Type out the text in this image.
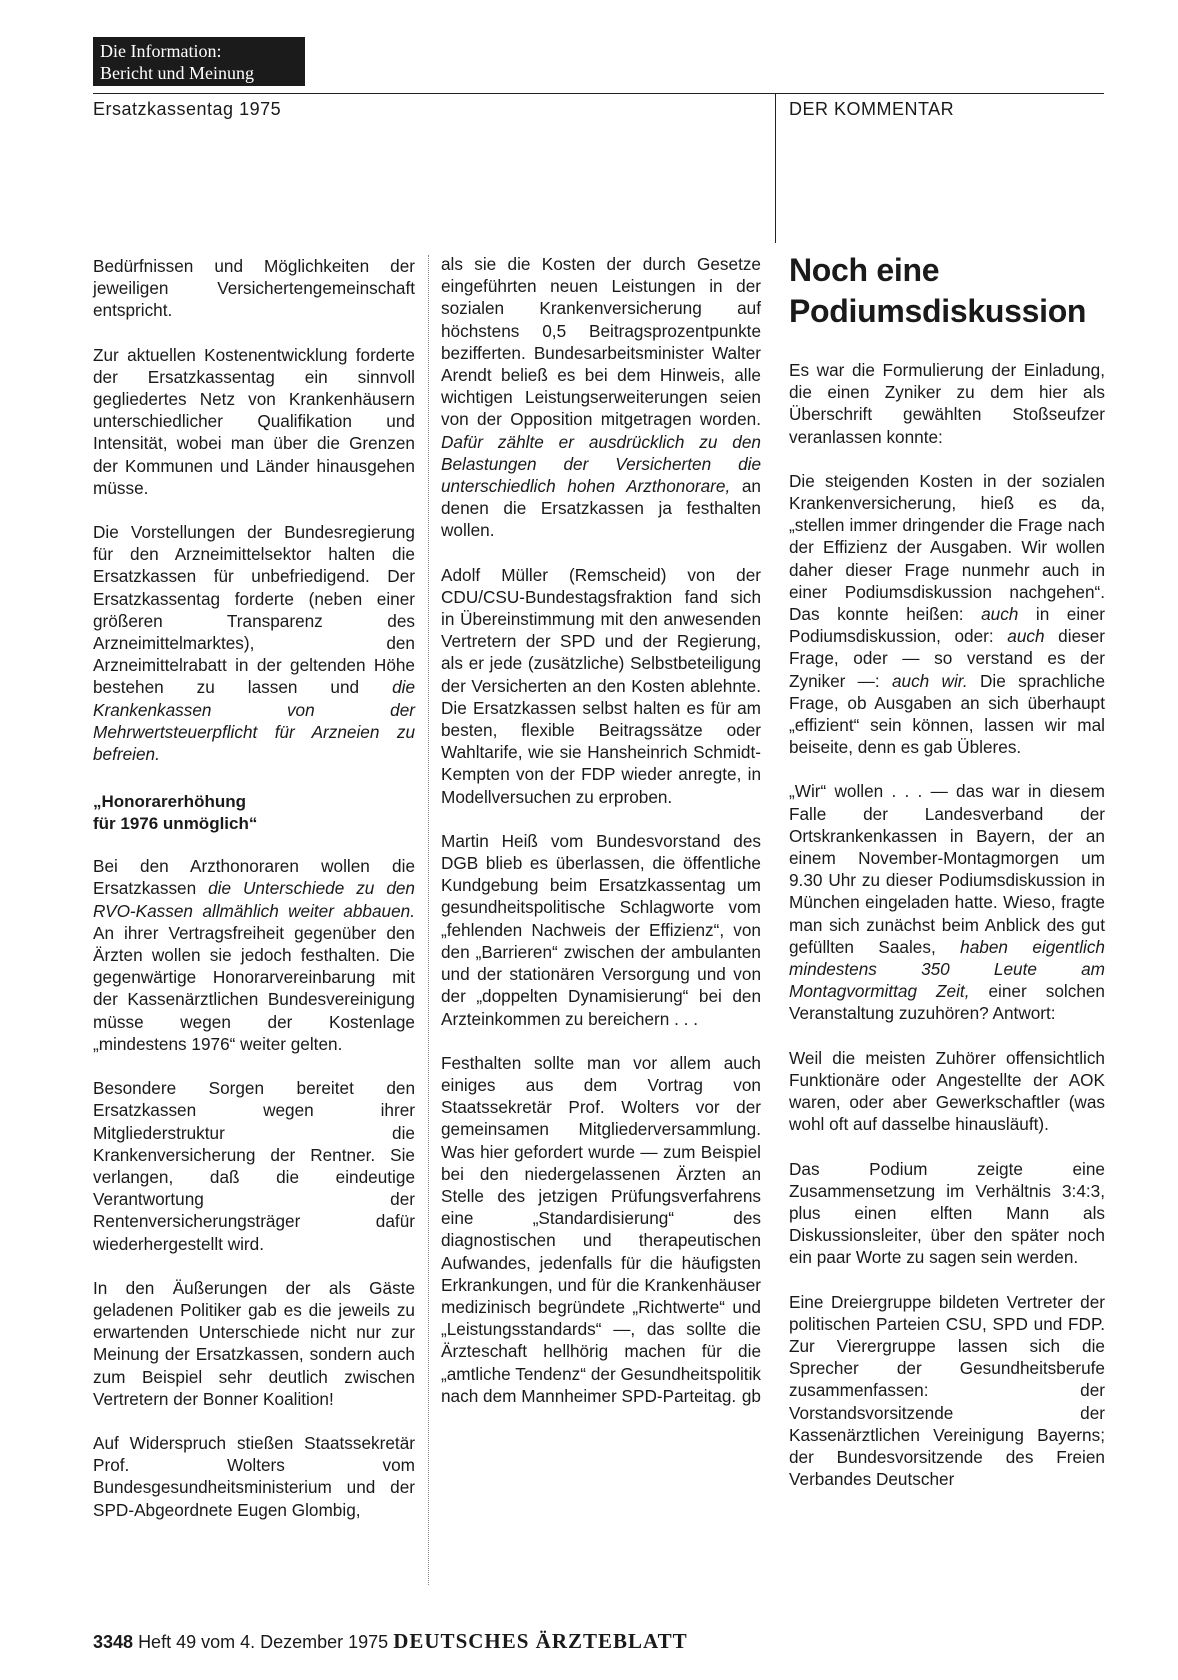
Die Information:
Bericht und Meinung
Ersatzkassentag 1975	DER KOMMENTAR

Bedürfnissen und Möglichkeiten der jeweiligen Versichertengemeinschaft entspricht.

Zur aktuellen Kostenentwicklung forderte der Ersatzkassentag ein sinnvoll gegliedertes Netz von Krankenhäusern unterschiedlicher Qualifikation und Intensität, wobei man über die Grenzen der Kommunen und Länder hinausgehen müsse.

Die Vorstellungen der Bundesregierung für den Arzneimittelsektor halten die Ersatzkassen für unbefriedigend. Der Ersatzkassentag forderte (neben einer größeren Transparenz des Arzneimittelmarktes), den Arzneimittelrabatt in der geltenden Höhe bestehen zu lassen und die Krankenkassen von der Mehrwertsteuerpflicht für Arzneien zu befreien.

„Honorarerhöhung
für 1976 unmöglich“

Bei den Arzthonoraren wollen die Ersatzkassen die Unterschiede zu den RVO-Kassen allmählich weiter abbauen. An ihrer Vertragsfreiheit gegenüber den Ärzten wollen sie jedoch festhalten. Die gegenwärtige Honorarvereinbarung mit der Kassenärztlichen Bundesvereinigung müsse wegen der Kostenlage „mindestens 1976“ weiter gelten.

Besondere Sorgen bereitet den Ersatzkassen wegen ihrer Mitgliederstruktur die Krankenversicherung der Rentner. Sie verlangen, daß die eindeutige Verantwortung der Rentenversicherungsträger dafür wiederhergestellt wird.

In den Äußerungen der als Gäste geladenen Politiker gab es die jeweils zu erwartenden Unterschiede nicht nur zur Meinung der Ersatzkassen, sondern auch zum Beispiel sehr deutlich zwischen Vertretern der Bonner Koalition!

Auf Widerspruch stießen Staatssekretär Prof. Wolters vom Bundesgesundheitsministerium und der SPD-Abgeordnete Eugen Glombig,

als sie die Kosten der durch Gesetze eingeführten neuen Leistungen in der sozialen Krankenversicherung auf höchstens 0,5 Beitragsprozentpunkte bezifferten. Bundesarbeitsminister Walter Arendt beließ es bei dem Hinweis, alle wichtigen Leistungserweiterungen seien von der Opposition mitgetragen worden. Dafür zählte er ausdrücklich zu den Belastungen der Versicherten die unterschiedlich hohen Arzthonorare, an denen die Ersatzkassen ja festhalten wollen.

Adolf Müller (Remscheid) von der CDU/CSU-Bundestagsfraktion fand sich in Übereinstimmung mit den anwesenden Vertretern der SPD und der Regierung, als er jede (zusätzliche) Selbstbeteiligung der Versicherten an den Kosten ablehnte. Die Ersatzkassen selbst halten es für am besten, flexible Beitragssätze oder Wahltarife, wie sie Hansheinrich Schmidt-Kempten von der FDP wieder anregte, in Modellversuchen zu erproben.

Martin Heiß vom Bundesvorstand des DGB blieb es überlassen, die öffentliche Kundgebung beim Ersatzkassentag um gesundheitspolitische Schlagworte vom „fehlenden Nachweis der Effizienz“, von den „Barrieren“ zwischen der ambulanten und der stationären Versorgung und von der „doppelten Dynamisierung“ bei den Arzteinkommen zu bereichern . . .

Festhalten sollte man vor allem auch einiges aus dem Vortrag von Staatssekretär Prof. Wolters vor der gemeinsamen Mitgliederversammlung. Was hier gefordert wurde — zum Beispiel bei den niedergelassenen Ärzten an Stelle des jetzigen Prüfungsverfahrens eine „Standardisierung“ des diagnostischen und therapeutischen Aufwandes, jedenfalls für die häufigsten Erkrankungen, und für die Krankenhäuser medizinisch begründete „Richtwerte“ und „Leistungsstandards“ —, das sollte die Ärzteschaft hellhörig machen für die „amtliche Tendenz“ der Gesundheitspolitik nach dem Mannheimer SPD-Parteitag. gb

Noch eine
Podiumsdiskussion

Es war die Formulierung der Einladung, die einen Zyniker zu dem hier als Überschrift gewählten Stoßseufzer veranlassen konnte:

Die steigenden Kosten in der sozialen Krankenversicherung, hieß es da, „stellen immer dringender die Frage nach der Effizienz der Ausgaben. Wir wollen daher dieser Frage nunmehr auch in einer Podiumsdiskussion nachgehen“. Das konnte heißen: auch in einer Podiumsdiskussion, oder: auch dieser Frage, oder — so verstand es der Zyniker —: auch wir. Die sprachliche Frage, ob Ausgaben an sich überhaupt „effizient“ sein können, lassen wir mal beiseite, denn es gab Übleres.

„Wir“ wollen . . . — das war in diesem Falle der Landesverband der Ortskrankenkassen in Bayern, der an einem November-Montagmorgen um 9.30 Uhr zu dieser Podiumsdiskussion in München eingeladen hatte. Wieso, fragte man sich zunächst beim Anblick des gut gefüllten Saales, haben eigentlich mindestens 350 Leute am Montagvormittag Zeit, einer solchen Veranstaltung zuzuhören? Antwort:

Weil die meisten Zuhörer offensichtlich Funktionäre oder Angestellte der AOK waren, oder aber Gewerkschaftler (was wohl oft auf dasselbe hinausläuft).

Das Podium zeigte eine Zusammensetzung im Verhältnis 3:4:3, plus einen elften Mann als Diskussionsleiter, über den später noch ein paar Worte zu sagen sein werden.

Eine Dreiergruppe bildeten Vertreter der politischen Parteien CSU, SPD und FDP. Zur Vierergruppe lassen sich die Sprecher der Gesundheitsberufe zusammenfassen: der Vorstandsvorsitzende der Kassenärztlichen Vereinigung Bayerns; der Bundesvorsitzende des Freien Verbandes Deutscher

3348 Heft 49 vom 4. Dezember 1975 DEUTSCHES ÄRZTEBLATT
